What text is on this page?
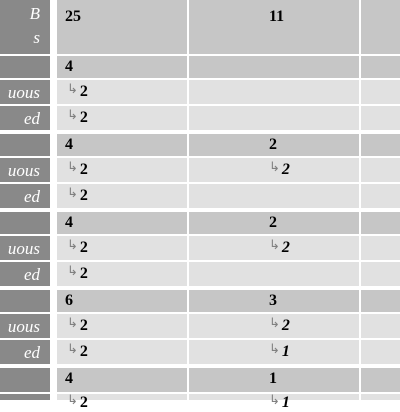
B
s
25	11
4
uous ↳ 2
ed ↳ 2
4	2
uous ↳ 2	↳ 2
ed ↳ 2
4	2
uous ↳ 2	↳ 2
ed ↳ 2
6	3
uous ↳ 2	↳ 2
ed ↳ 2	↳ 1
4	1
↳ 2	↳ 1
